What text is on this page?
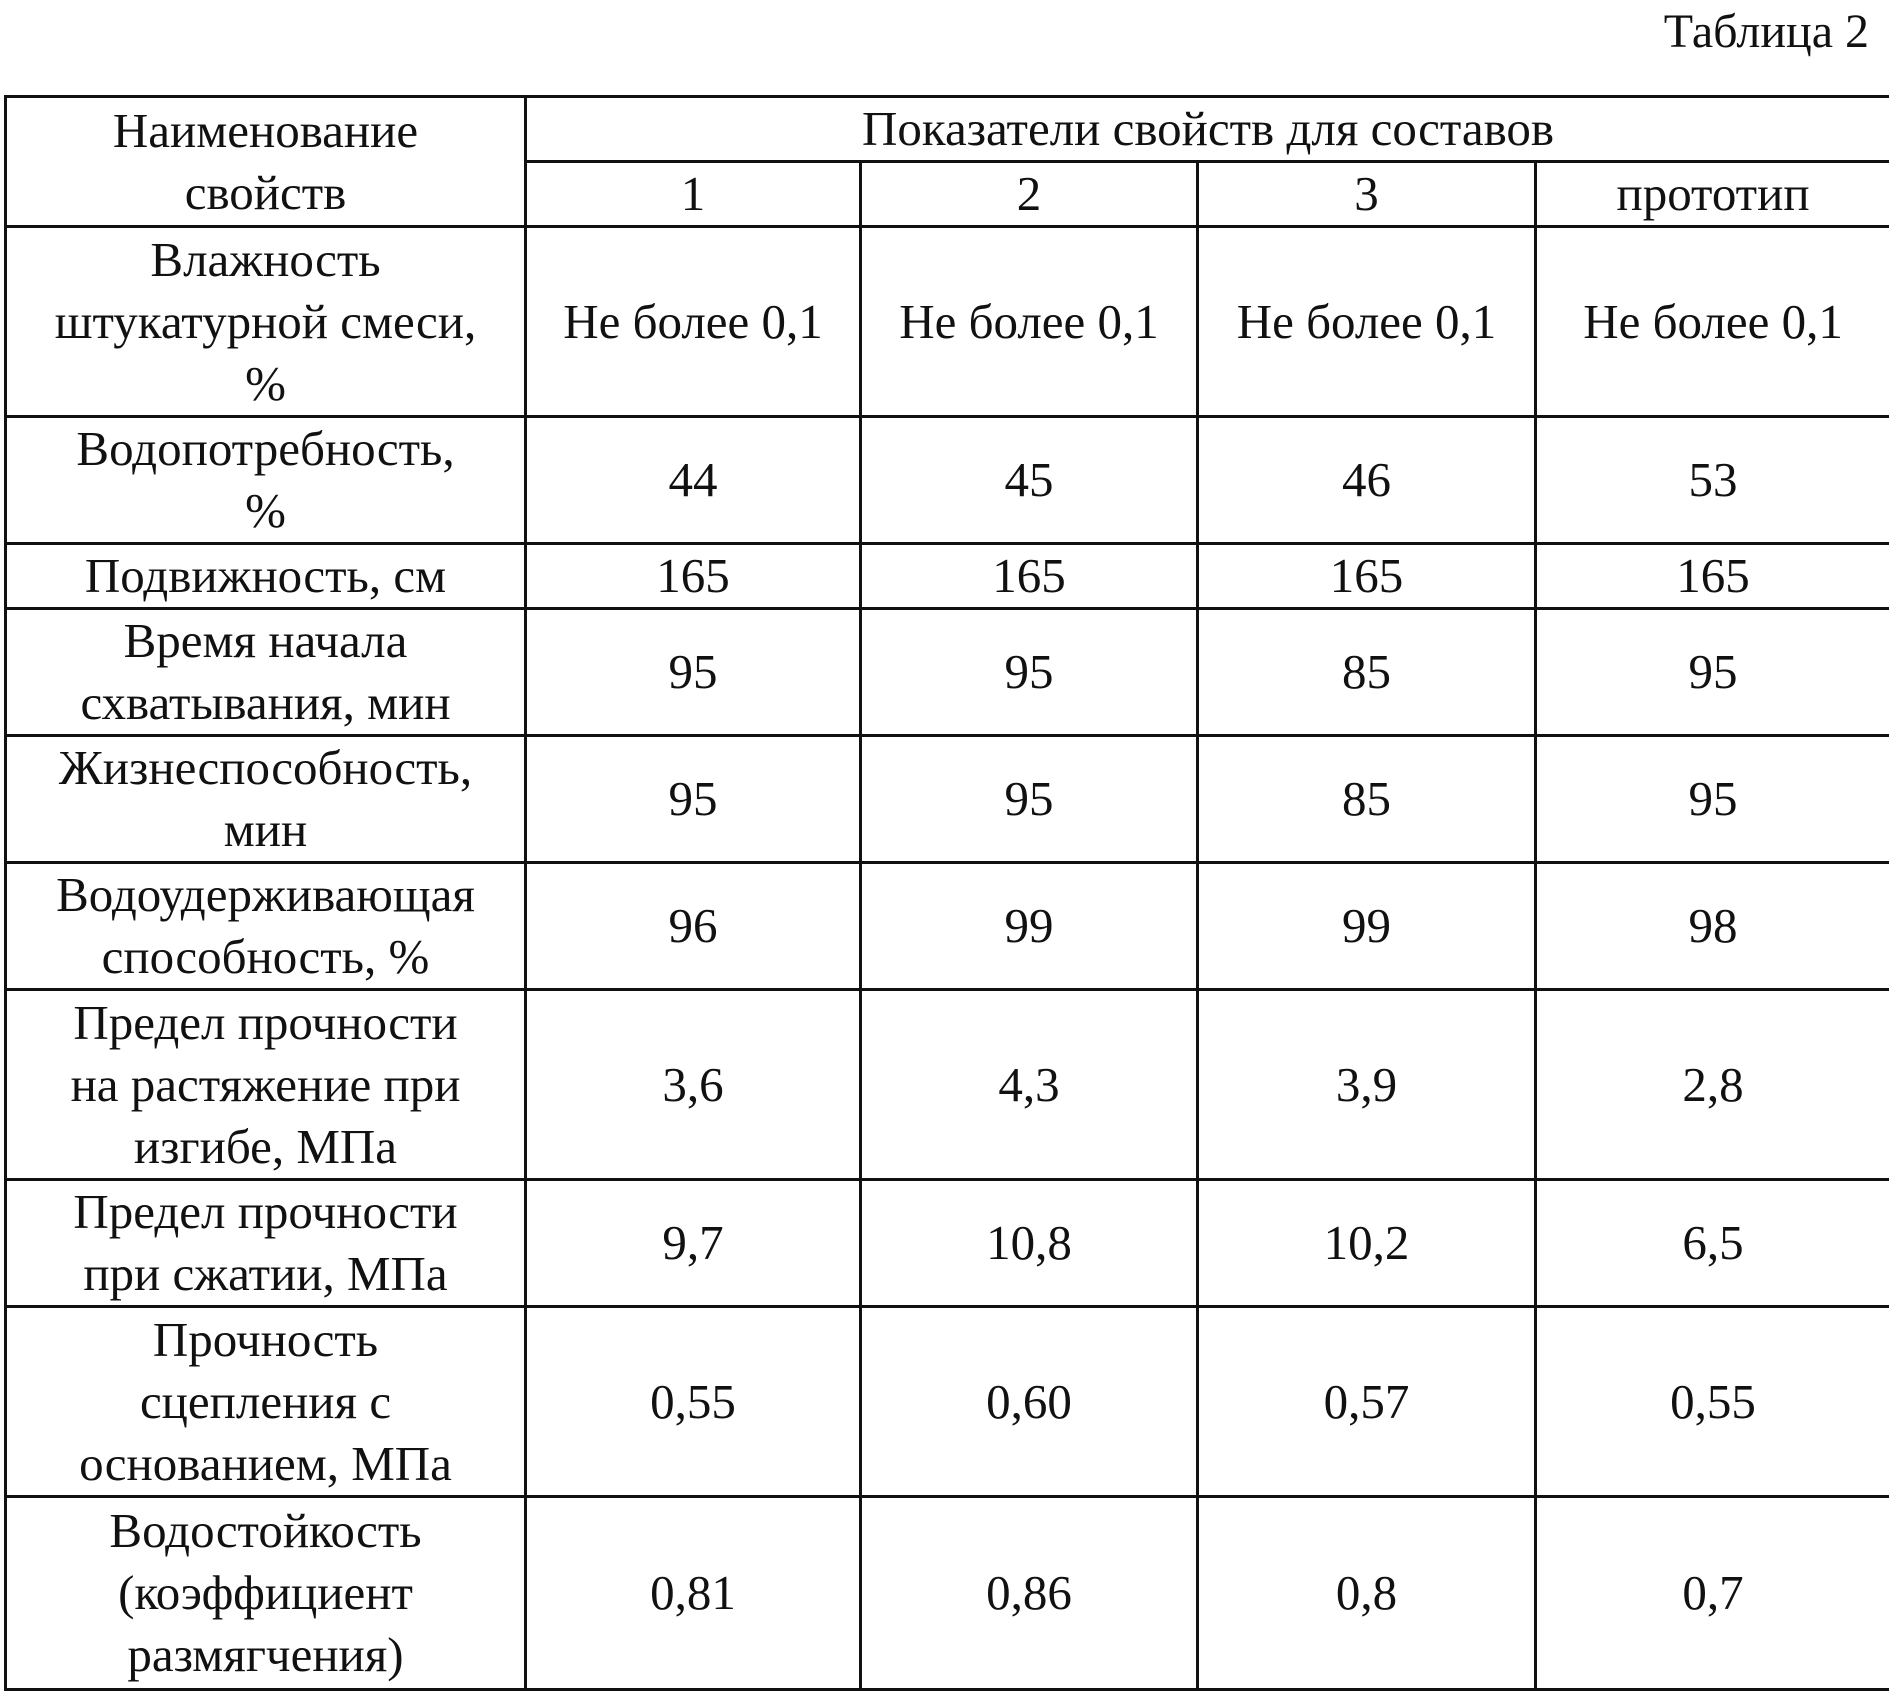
Таблица 2
Наименование
свойств	Показатели свойств для составов			
	1	2	3	прототип

Влажность
штукатурной смеси,
%	Не более 0,1	Не более 0,1	Не более 0,1	Не более 0,1

Водопотребность,
%	44	45	46	53

Подвижность, см	165	165	165	165

Время начала
схватывания, мин	95	95	85	95

Жизнеспособность,
мин	95	95	85	95

Водоудерживающая
способность, %	96	99	99	98

Предел прочности
на растяжение при
изгибе, МПа	3,6	4,3	3,9	2,8

Предел прочности
при сжатии, МПа	9,7	10,8	10,2	6,5

Прочность
сцепления с
основанием, МПа	0,55	0,60	0,57	0,55

Водостойкость
(коэффициент
размягчения)	0,81	0,86	0,8	0,7
